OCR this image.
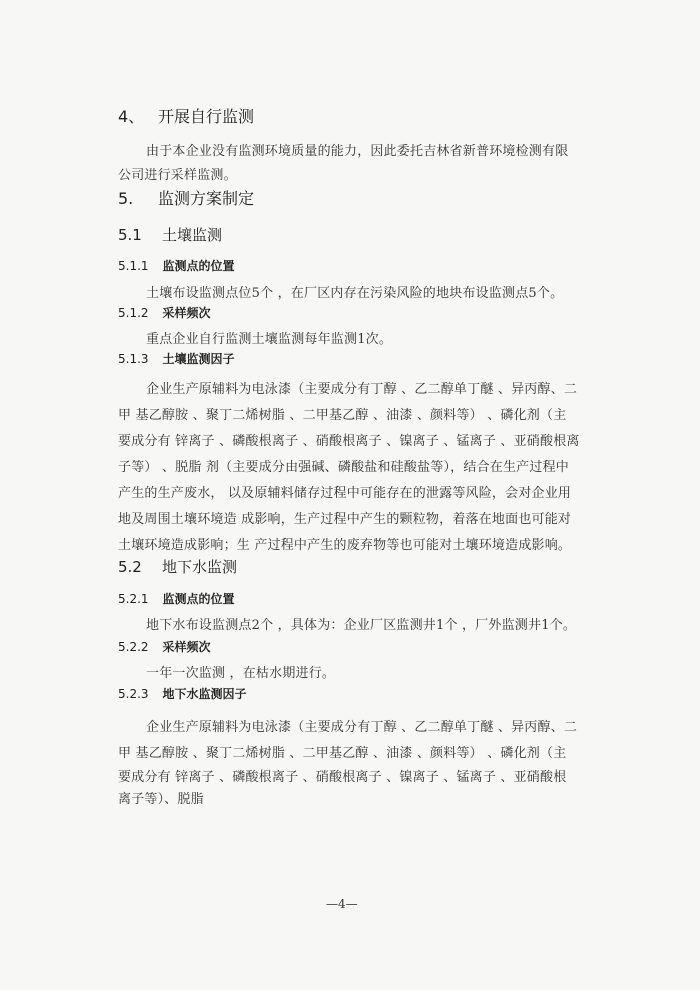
4、 开展自行监测
由于本企业没有监测环境质量的能力，因此委托吉林省新普环境检测有限
公司进行采样监测。
5. 监测方案制定
5.1 土壤监测
5.1.1 监测点的位置
土壤布设监测点位5个 ，在厂区内存在污染风险的地块布设监测点5个。
5.1.2 采样频次
重点企业自行监测土壤监测每年监测1次。
5.1.3 土壤监测因子
企业生产原辅料为电泳漆（主要成分有丁醇 、乙二醇单丁醚 、异丙醇、二
甲 基乙醇胺 、聚丁二烯树脂 、二甲基乙醇 、油漆 、颜料等） 、磷化剂（主
要成分有 锌离子 、磷酸根离子 、硝酸根离子 、镍离子 、锰离子 、亚硝酸根离
子等） 、脱脂 剂（主要成分由强碱、磷酸盐和硅酸盐等），结合在生产过程中
产生的生产废水， 以及原辅料储存过程中可能存在的泄露等风险，会对企业用
地及周围土壤环境造 成影响，生产过程中产生的颗粒物，着落在地面也可能对
土壤环境造成影响；生 产过程中产生的废弃物等也可能对土壤环境造成影响。
5.2 地下水监测
5.2.1 监测点的位置
地下水布设监测点2个 ，具体为：企业厂区监测井1个 ，厂外监测井1个。
5.2.2 采样频次
一年一次监测 ，在枯水期进行。
5.2.3 地下水监测因子
企业生产原辅料为电泳漆（主要成分有丁醇 、乙二醇单丁醚 、异丙醇、二
甲 基乙醇胺 、聚丁二烯树脂 、二甲基乙醇 、油漆 、颜料等） 、磷化剂（主
要成分有 锌离子 、磷酸根离子 、硝酸根离子 、镍离子 、锰离子 、亚硝酸根
离子等）、脱脂
—4—
